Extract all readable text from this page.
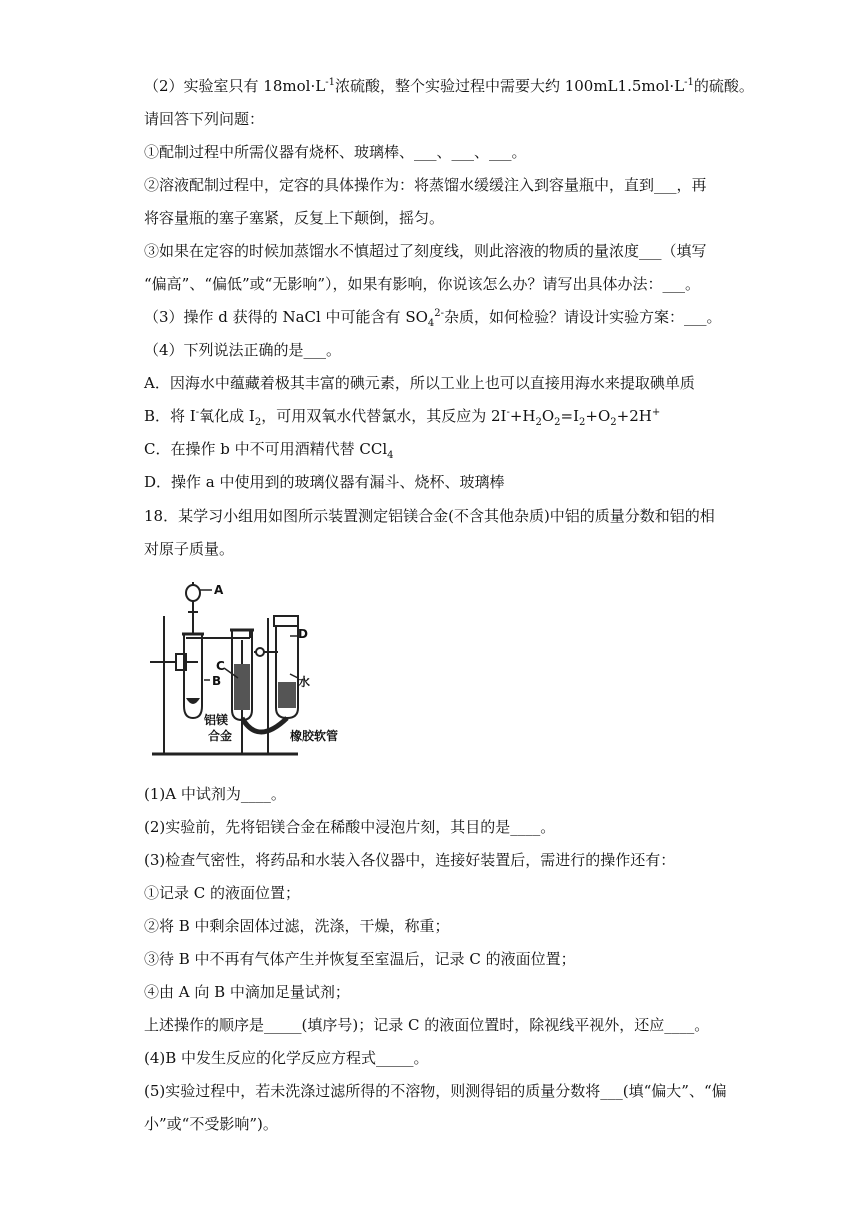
（2）实验室只有 $18mol\cdot L^{-1}$浓硫酸，整个实验过程中需要大约 $100mL1.5mol\cdot L^{-1}$的硫酸。
请回答下列问题：
①配制过程中所需仪器有烧杯、玻璃棒、___、___、___。
②溶液配制过程中，定容的具体操作为：将蒸馏水缓缓注入到容量瓶中，直到___，再
将容量瓶的塞子塞紧，反复上下颠倒，摇匀。
③如果在定容的时候加蒸馏水不慎超过了刻度线，则此溶液的物质的量浓度___（填写
“偏高”、“偏低”或“无影响”），如果有影响，你说该怎么办？请写出具体办法：___。
（3）操作 d 获得的 NaCl 中可能含有 $SO_4^{2-}$杂质，如何检验？请设计实验方案：___。
（4）下列说法正确的是___。
A．因海水中蕴藏着极其丰富的碘元素，所以工业上也可以直接用海水来提取碘单质
B．将 I-氧化成 $I_2$，可用双氧水代替氯水，其反应为 $2I^-+H_2O_2=I_2+O_2+2H^+$
C．在操作 b 中不可用酒精代替 CCl$_4$
D．操作 a 中使用到的玻璃仪器有漏斗、烧杯、玻璃棒
18．某学习小组用如图所示装置测定铝镁合金(不含其他杂质)中铝的质量分数和铝的相
对原子质量。
A
B
C
D
水
铝镁
合金	橡胶软管
(1)A 中试剂为____。
(2)实验前，先将铝镁合金在稀酸中浸泡片刻，其目的是____。
(3)检查气密性，将药品和水装入各仪器中，连接好装置后，需进行的操作还有：
①记录 C 的液面位置；
②将 B 中剩余固体过滤，洗涤，干燥，称重；
③待 B 中不再有气体产生并恢复至室温后，记录 C 的液面位置；
④由 A 向 B 中滴加足量试剂；
上述操作的顺序是_____(填序号)；记录 C 的液面位置时，除视线平视外，还应____。
(4)B 中发生反应的化学反应方程式_____。
(5)实验过程中，若未洗涤过滤所得的不溶物，则测得铝的质量分数将___(填“偏大”、“偏
小”或“不受影响”)。
